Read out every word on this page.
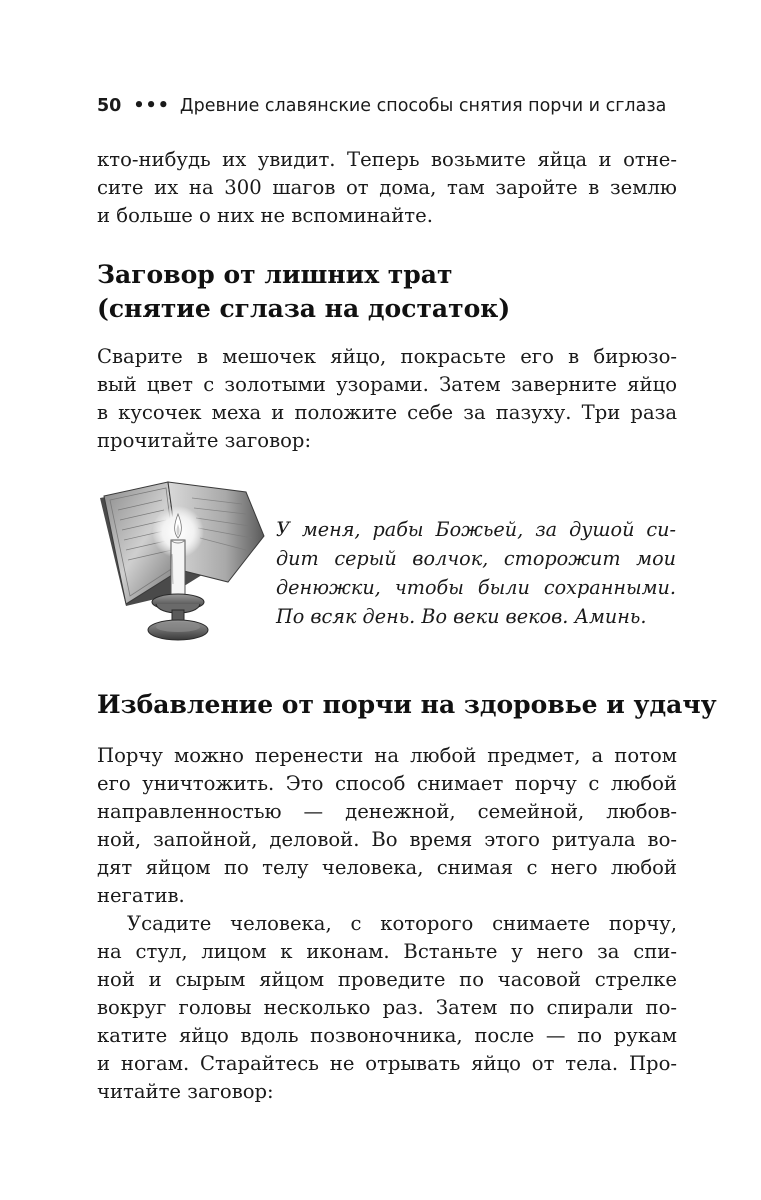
50 ••• Древние славянские способы снятия порчи и сглаза
кто-нибудь их увидит. Теперь возьмите яйца и отне-
сите их на 300 шагов от дома, там заройте в землю
и больше о них не вспоминайте.
Заговор от лишних трат
(снятие сглаза на достаток)
Сварите в мешочек яйцо, покрасьте его в бирюзо-
вый цвет с золотыми узорами. Затем заверните яйцо
в кусочек меха и положите себе за пазуху. Три раза
прочитайте заговор:
У меня, рабы Божьей, за душой си-
дит серый волчок, сторожит мои
денюжки, чтобы были сохранными.
По всяк день. Во веки веков. Аминь.
Избавление от порчи на здоровье и удачу
Порчу можно перенести на любой предмет, а потом
его уничтожить. Это способ снимает порчу с любой
направленностью — денежной, семейной, любов-
ной, запойной, деловой. Во время этого ритуала во-
дят яйцом по телу человека, снимая с него любой
негатив.
Усадите человека, с которого снимаете порчу,
на стул, лицом к иконам. Встаньте у него за спи-
ной и сырым яйцом проведите по часовой стрелке
вокруг головы несколько раз. Затем по спирали по-
катите яйцо вдоль позвоночника, после — по рукам
и ногам. Старайтесь не отрывать яйцо от тела. Про-
читайте заговор:
